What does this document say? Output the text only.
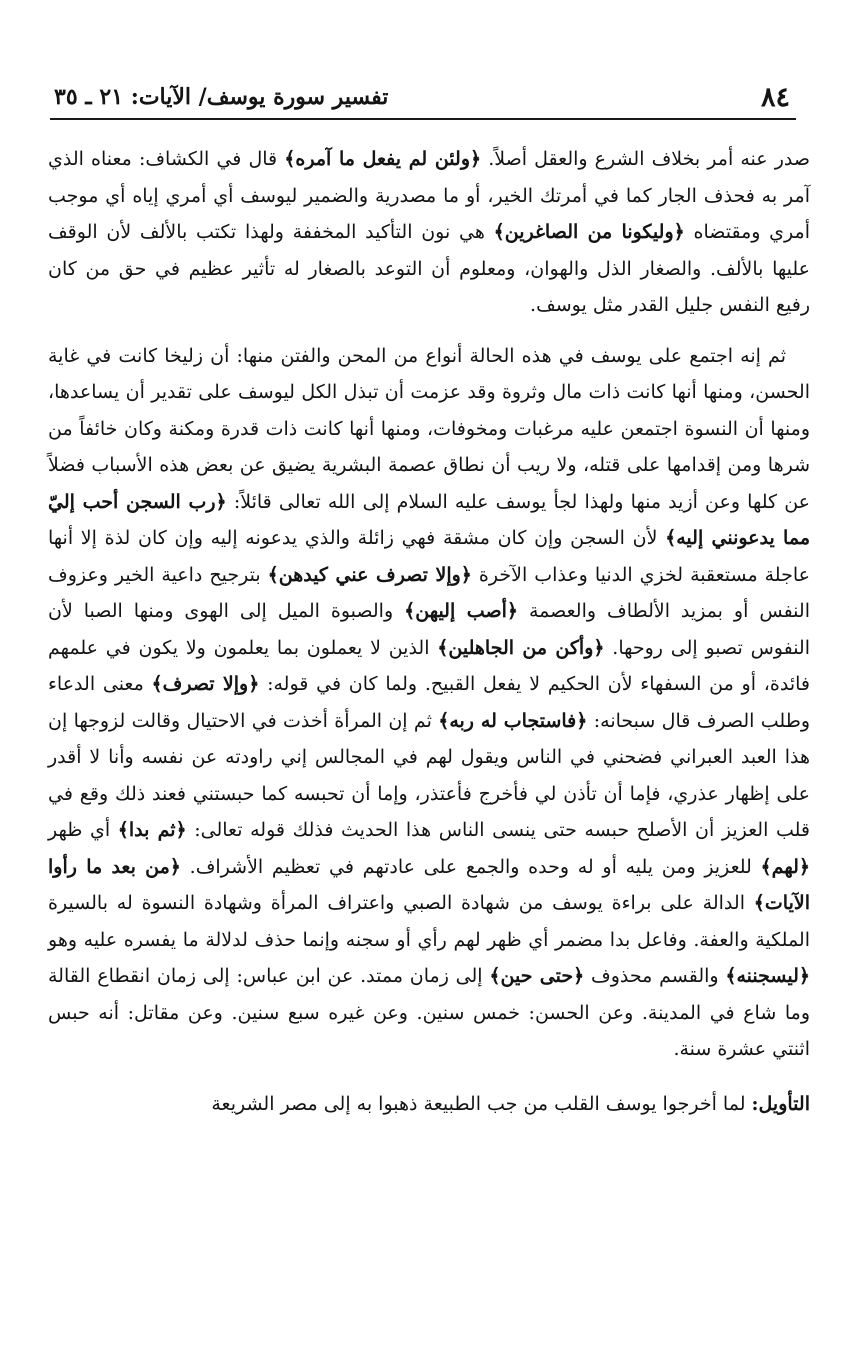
٨٤
تفسير سورة يوسف/ الآيات: ٢١ ـ ٣٥

صدر عنه أمر بخلاف الشرع والعقل أصلاً. ﴿ولئن لم يفعل ما آمره﴾ قال في الكشاف: معناه الذي آمر به فحذف الجار كما في أمرتك الخير، أو ما مصدرية والضمير ليوسف أي أمري إياه أي موجب أمري ومقتضاه ﴿وليكونا من الصاغرين﴾ هي نون التأكيد المخففة ولهذا تكتب بالألف لأن الوقف عليها بالألف. والصغار الذل والهوان، ومعلوم أن التوعد بالصغار له تأثير عظيم في حق من كان رفيع النفس جليل القدر مثل يوسف.

ثم إنه اجتمع على يوسف في هذه الحالة أنواع من المحن والفتن منها: أن زليخا كانت في غاية الحسن، ومنها أنها كانت ذات مال وثروة وقد عزمت أن تبذل الكل ليوسف على تقدير أن يساعدها، ومنها أن النسوة اجتمعن عليه مرغبات ومخوفات، ومنها أنها كانت ذات قدرة ومكنة وكان خائفاً من شرها ومن إقدامها على قتله، ولا ريب أن نطاق عصمة البشرية يضيق عن بعض هذه الأسباب فضلاً عن كلها وعن أزيد منها ولهذا لجأ يوسف عليه السلام إلى الله تعالى قائلاً: ﴿رب السجن أحب إليّ مما يدعونني إليه﴾ لأن السجن وإن كان مشقة فهي زائلة والذي يدعونه إليه وإن كان لذة إلا أنها عاجلة مستعقبة لخزي الدنيا وعذاب الآخرة ﴿وإلا تصرف عني كيدهن﴾ بترجيح داعية الخير وعزوف النفس أو بمزيد الألطاف والعصمة ﴿أصب إليهن﴾ والصبوة الميل إلى الهوى ومنها الصبا لأن النفوس تصبو إلى روحها. ﴿وأكن من الجاهلين﴾ الذين لا يعملون بما يعلمون ولا يكون في علمهم فائدة، أو من السفهاء لأن الحكيم لا يفعل القبيح. ولما كان في قوله: ﴿وإلا تصرف﴾ معنى الدعاء وطلب الصرف قال سبحانه: ﴿فاستجاب له ربه﴾ ثم إن المرأة أخذت في الاحتيال وقالت لزوجها إن هذا العبد العبراني فضحني في الناس ويقول لهم في المجالس إني راودته عن نفسه وأنا لا أقدر على إظهار عذري، فإما أن تأذن لي فأخرج فأعتذر، وإما أن تحبسه كما حبستني فعند ذلك وقع في قلب العزيز أن الأصلح حبسه حتى ينسى الناس هذا الحديث فذلك قوله تعالى: ﴿ثم بدا﴾ أي ظهر ﴿لهم﴾ للعزيز ومن يليه أو له وحده والجمع على عادتهم في تعظيم الأشراف. ﴿من بعد ما رأوا الآيات﴾ الدالة على براءة يوسف من شهادة الصبي واعتراف المرأة وشهادة النسوة له بالسيرة الملكية والعفة. وفاعل بدا مضمر أي ظهر لهم رأي أو سجنه وإنما حذف لدلالة ما يفسره عليه وهو ﴿ليسجننه﴾ والقسم محذوف ﴿حتى حين﴾ إلى زمان ممتد. عن ابن عباس: إلى زمان انقطاع القالة وما شاع في المدينة. وعن الحسن: خمس سنين. وعن غيره سبع سنين. وعن مقاتل: أنه حبس اثنتي عشرة سنة.

التأويل: لما أخرجوا يوسف القلب من جب الطبيعة ذهبوا به إلى مصر الشريعة
